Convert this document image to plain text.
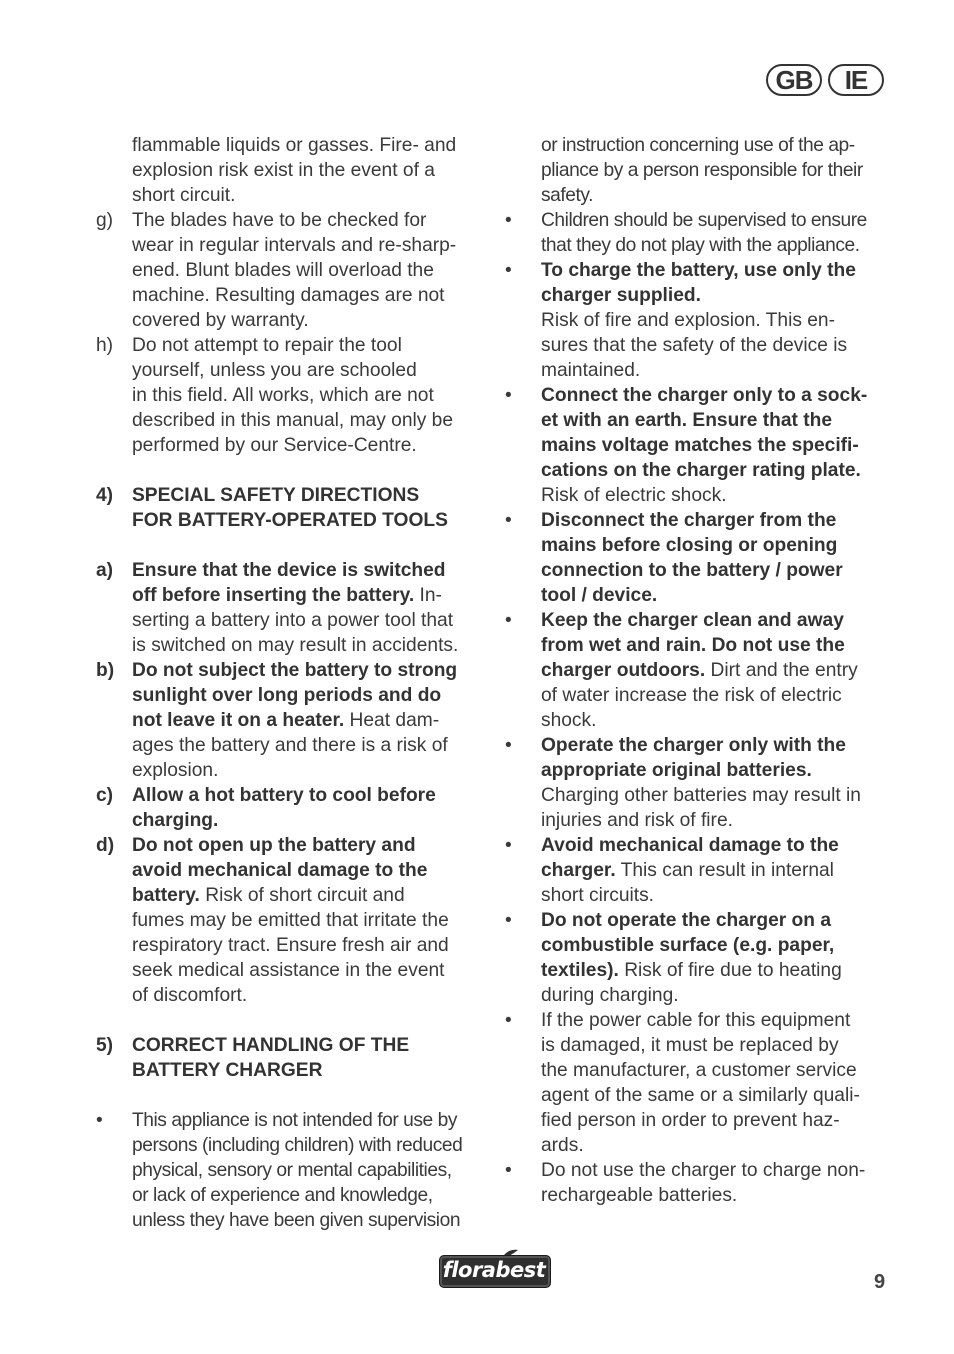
GB	IE
flammable liquids or gasses. Fire- and
explosion risk exist in the event of a
short circuit.
g) The blades have to be checked for
wear in regular intervals and re-sharp-
ened. Blunt blades will overload the
machine. Resulting damages are not
covered by warranty.
h) Do not attempt to repair the tool
yourself, unless you are schooled
in this field. All works, which are not
described in this manual, may only be
performed by our Service-Centre.
4) SPECIAL SAFETY DIRECTIONS
FOR BATTERY-OPERATED TOOLS
a) Ensure that the device is switched
off before inserting the battery. In-
serting a battery into a power tool that
is switched on may result in accidents.
b) Do not subject the battery to strong
sunlight over long periods and do
not leave it on a heater. Heat dam-
ages the battery and there is a risk of
explosion.
c) Allow a hot battery to cool before
charging.
d) Do not open up the battery and
avoid mechanical damage to the
battery. Risk of short circuit and
fumes may be emitted that irritate the
respiratory tract. Ensure fresh air and
seek medical assistance in the event
of discomfort.
5) CORRECT HANDLING OF THE
BATTERY CHARGER
•	This appliance is not intended for use by
persons (including children) with reduced
physical, sensory or mental capabilities,
or lack of experience and knowledge,
unless they have been given supervision
or instruction concerning use of the ap-
pliance by a person responsible for their
safety.
•	Children should be supervised to ensure
that they do not play with the appliance.
•	To charge the battery, use only the
charger supplied.
Risk of fire and explosion. This en-
sures that the safety of the device is
maintained.
•	Connect the charger only to a sock-
et with an earth. Ensure that the
mains voltage matches the specifi-
cations on the charger rating plate.
Risk of electric shock.
•	Disconnect the charger from the
mains before closing or opening
connection to the battery / power
tool / device.
•	Keep the charger clean and away
from wet and rain. Do not use the
charger outdoors. Dirt and the entry
of water increase the risk of electric
shock.
•	Operate the charger only with the
appropriate original batteries.
Charging other batteries may result in
injuries and risk of fire.
•	Avoid mechanical damage to the
charger. This can result in internal
short circuits.
•	Do not operate the charger on a
combustible surface (e.g. paper,
textiles). Risk of fire due to heating
during charging.
•	If the power cable for this equipment
is damaged, it must be replaced by
the manufacturer, a customer service
agent of the same or a similarly quali-
fied person in order to prevent haz-
ards.
•	Do not use the charger to charge non-
rechargeable batteries.
florabest	9
